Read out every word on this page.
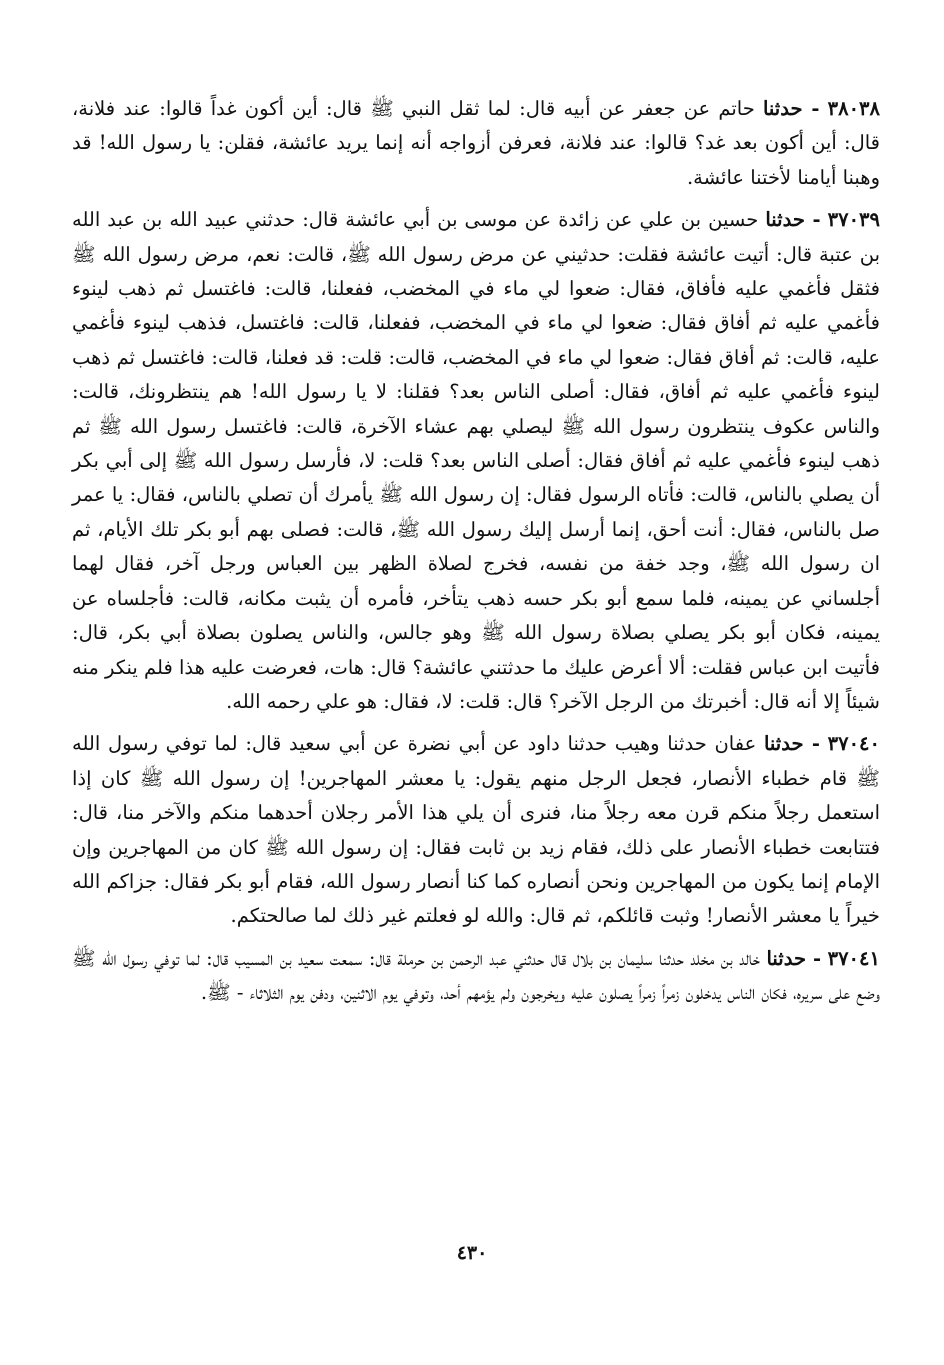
٣٨٠٣٨ - حدثنا حاتم عن جعفر عن أبيه قال: لما ثقل النبي ﷺ قال: أين أكون غداً قالوا: عند فلانة، قال: أين أكون بعد غد؟ قالوا: عند فلانة، فعرفن أزواجه أنه إنما يريد عائشة، فقلن: يا رسول الله! قد وهبنا أيامنا لأختنا عائشة.

٣٧٠٣٩ - حدثنا حسين بن علي عن زائدة عن موسى بن أبي عائشة قال: حدثني عبيد الله بن عبد الله بن عتبة قال: أتيت عائشة فقلت: حدثيني عن مرض رسول الله ﷺ، قالت: نعم، مرض رسول الله ﷺ فثقل فأغمي عليه فأفاق، فقال: ضعوا لي ماء في المخضب، ففعلنا، قالت: فاغتسل ثم ذهب لينوء فأغمي عليه ثم أفاق فقال: ضعوا لي ماء في المخضب، ففعلنا، قالت: فاغتسل، فذهب لينوء فأغمي عليه، قالت: ثم أفاق فقال: ضعوا لي ماء في المخضب، قالت: قلت: قد فعلنا، قالت: فاغتسل ثم ذهب لينوء فأغمي عليه ثم أفاق، فقال: أصلى الناس بعد؟ فقلنا: لا يا رسول الله! هم ينتظرونك، قالت: والناس عكوف ينتظرون رسول الله ﷺ ليصلي بهم عشاء الآخرة، قالت: فاغتسل رسول الله ﷺ ثم ذهب لينوء فأغمي عليه ثم أفاق فقال: أصلى الناس بعد؟ قلت: لا، فأرسل رسول الله ﷺ إلى أبي بكر أن يصلي بالناس، قالت: فأتاه الرسول فقال: إن رسول الله ﷺ يأمرك أن تصلي بالناس، فقال: يا عمر صل بالناس، فقال: أنت أحق، إنما أرسل إليك رسول الله ﷺ، قالت: فصلى بهم أبو بكر تلك الأيام، ثم ان رسول الله ﷺ، وجد خفة من نفسه، فخرج لصلاة الظهر بين العباس ورجل آخر، فقال لهما أجلساني عن يمينه، فلما سمع أبو بكر حسه ذهب يتأخر، فأمره أن يثبت مكانه، قالت: فأجلساه عن يمينه، فكان أبو بكر يصلي بصلاة رسول الله ﷺ وهو جالس، والناس يصلون بصلاة أبي بكر، قال: فأتيت ابن عباس فقلت: ألا أعرض عليك ما حدثتني عائشة؟ قال: هات، فعرضت عليه هذا فلم ينكر منه شيئاً إلا أنه قال: أخبرتك من الرجل الآخر؟ قال: قلت: لا، فقال: هو علي رحمه الله.

٣٧٠٤٠ - حدثنا عفان حدثنا وهيب حدثنا داود عن أبي نضرة عن أبي سعيد قال: لما توفي رسول الله ﷺ قام خطباء الأنصار، فجعل الرجل منهم يقول: يا معشر المهاجرين! إن رسول الله ﷺ كان إذا استعمل رجلاً منكم قرن معه رجلاً منا، فنرى أن يلي هذا الأمر رجلان أحدهما منكم والآخر منا، قال: فتتابعت خطباء الأنصار على ذلك، فقام زيد بن ثابت فقال: إن رسول الله ﷺ كان من المهاجرين وإن الإمام إنما يكون من المهاجرين ونحن أنصاره كما كنا أنصار رسول الله، فقام أبو بكر فقال: جزاكم الله خيراً يا معشر الأنصار! وثبت قائلكم، ثم قال: والله لو فعلتم غير ذلك لما صالحتكم.

٣٧٠٤١ - حدثنا خالد بن مخلد حدثنا سليمان بن بلال قال حدثني عبد الرحمن بن حرملة قال: سمعت سعيد بن المسيب قال: لما توفي رسول الله ﷺ وضع على سريره، فكان الناس يدخلون زمراً زمراً يصلون عليه ويخرجون ولم يؤمهم أحد، وتوفي يوم الاثنين، ودفن يوم الثلاثاء - ﷺ.

٤٣٠
